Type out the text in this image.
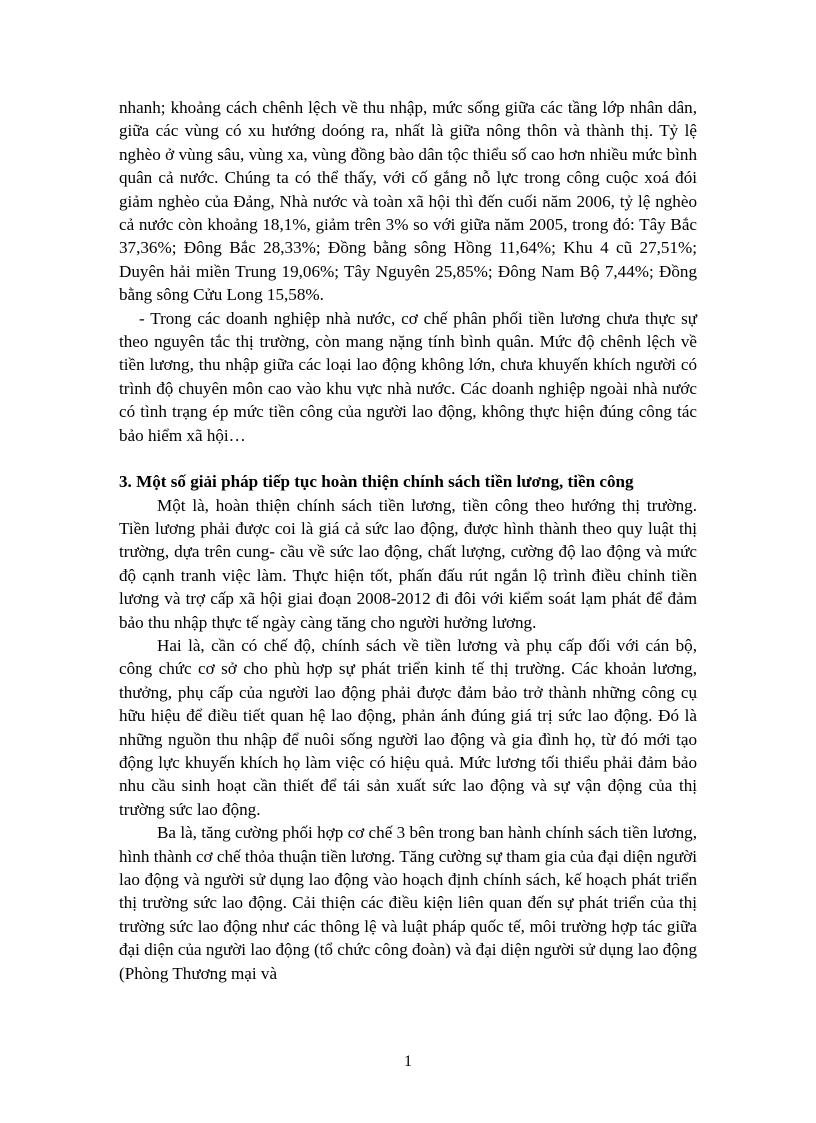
nhanh; khoảng cách chênh lệch về thu nhập, mức sống giữa các tầng lớp nhân dân, giữa các vùng có xu hướng doóng ra, nhất là giữa nông thôn và thành thị. Tỷ lệ nghèo ở vùng sâu, vùng xa, vùng đồng bào dân tộc thiểu số cao hơn nhiều mức bình quân cả nước. Chúng ta có thể thấy, với cố gắng nỗ lực trong công cuộc xoá đói giảm nghèo của Đảng, Nhà nước và toàn xã hội thì đến cuối năm 2006, tỷ lệ nghèo cả nước còn khoảng 18,1%, giảm trên 3% so với giữa năm 2005, trong đó: Tây Bắc 37,36%; Đông Bắc 28,33%; Đồng bằng sông Hồng 11,64%; Khu 4 cũ 27,51%; Duyên hải miền Trung 19,06%; Tây Nguyên 25,85%; Đông Nam Bộ 7,44%; Đồng bằng sông Cửu Long 15,58%.

- Trong các doanh nghiệp nhà nước, cơ chế phân phối tiền lương chưa thực sự theo nguyên tắc thị trường, còn mang nặng tính bình quân. Mức độ chênh lệch về tiền lương, thu nhập giữa các loại lao động không lớn, chưa khuyến khích người có trình độ chuyên môn cao vào khu vực nhà nước. Các doanh nghiệp ngoài nhà nước có tình trạng ép mức tiền công của người lao động, không thực hiện đúng công tác bảo hiểm xã hội…

3. Một số giải pháp tiếp tục hoàn thiện chính sách tiền lương, tiền công

Một là, hoàn thiện chính sách tiền lương, tiền công theo hướng thị trường. Tiền lương phải được coi là giá cả sức lao động, được hình thành theo quy luật thị trường, dựa trên cung- cầu về sức lao động, chất lượng, cường độ lao động và mức độ cạnh tranh việc làm. Thực hiện tốt, phấn đấu rút ngắn lộ trình điều chỉnh tiền lương và trợ cấp xã hội giai đoạn 2008-2012 đi đôi với kiểm soát lạm phát để đảm bảo thu nhập thực tế ngày càng tăng cho người hưởng lương.

Hai là, cần có chế độ, chính sách về tiền lương và phụ cấp đối với cán bộ, công chức cơ sở cho phù hợp sự phát triển kinh tế thị trường. Các khoản lương, thưởng, phụ cấp của người lao động phải được đảm bảo trở thành những công cụ hữu hiệu để điều tiết quan hệ lao động, phản ánh đúng giá trị sức lao động. Đó là những nguồn thu nhập để nuôi sống người lao động và gia đình họ, từ đó mới tạo động lực khuyến khích họ làm việc có hiệu quả. Mức lương tối thiểu phải đảm bảo nhu cầu sinh hoạt cần thiết để tái sản xuất sức lao động và sự vận động của thị trường sức lao động.

Ba là, tăng cường phối hợp cơ chế 3 bên trong ban hành chính sách tiền lương, hình thành cơ chế thỏa thuận tiền lương. Tăng cường sự tham gia của đại diện người lao động và người sử dụng lao động vào hoạch định chính sách, kế hoạch phát triển thị trường sức lao động. Cải thiện các điều kiện liên quan đến sự phát triển của thị trường sức lao động như các thông lệ và luật pháp quốc tế, môi trường hợp tác giữa đại diện của người lao động (tổ chức công đoàn) và đại diện người sử dụng lao động (Phòng Thương mại và

1
